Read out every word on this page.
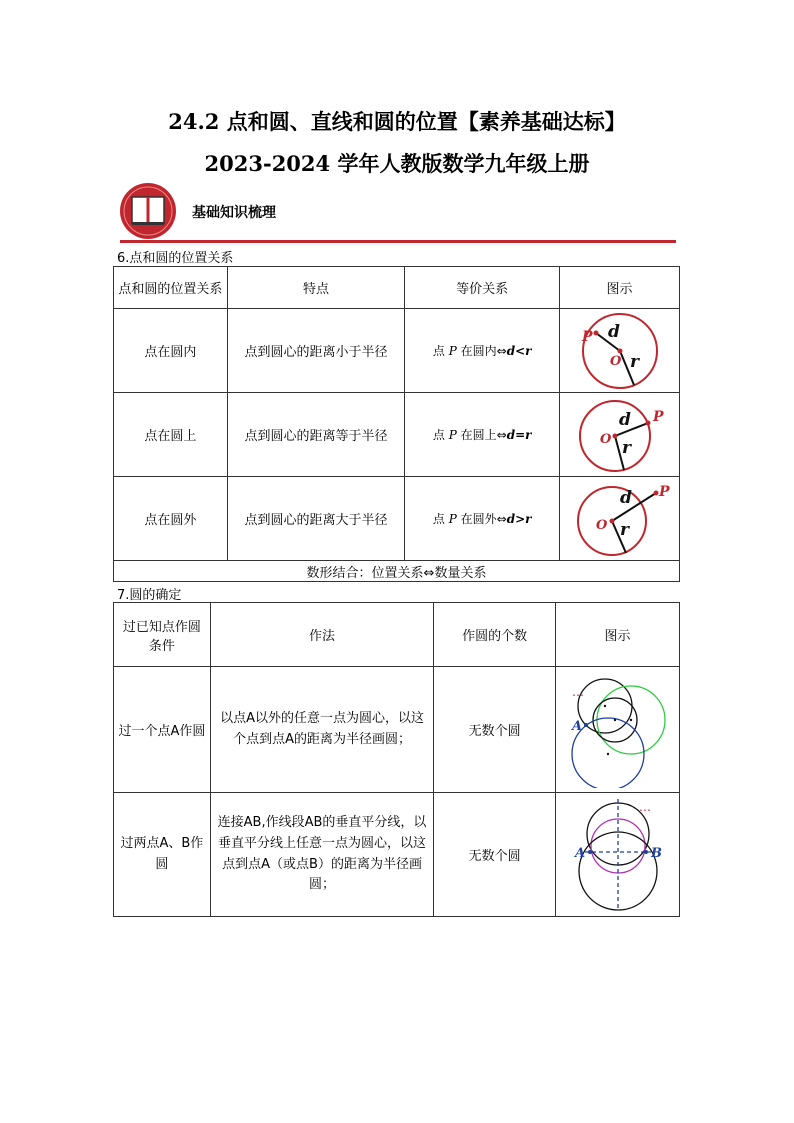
24.2 点和圆、直线和圆的位置【素养基础达标】
2023-2024 学年人教版数学九年级上册
基础知识梳理
6.点和圆的位置关系
点和圆的位置关系	特点	等价关系	图示
点在圆内	点到圆心的距离小于半径	点 P 在圆内⇔d<r	P d
O r

点在圆上	点到圆心的距离等于半径	点 P 在圆上⇔d=r	P
d
O r

点在圆外	点到圆心的距离大于半径	点 P 在圆外⇔d>r	P
d
O r

数形结合：位置关系⇔数量关系			
7.圆的确定
过已知点作圆条件	作法	作圆的个数	图示
过一个点A作圆	以点A以外的任意一点为圆心，以这个点到点A的距离为半径画圆；	无数个圆	A
…

过两点A、B作圆	连接AB,作线段AB的垂直平分线，以垂直平分线上任意一点为圆心，以这点到点A（或点B）的距离为半径画圆；	无数个圆	A B
…
